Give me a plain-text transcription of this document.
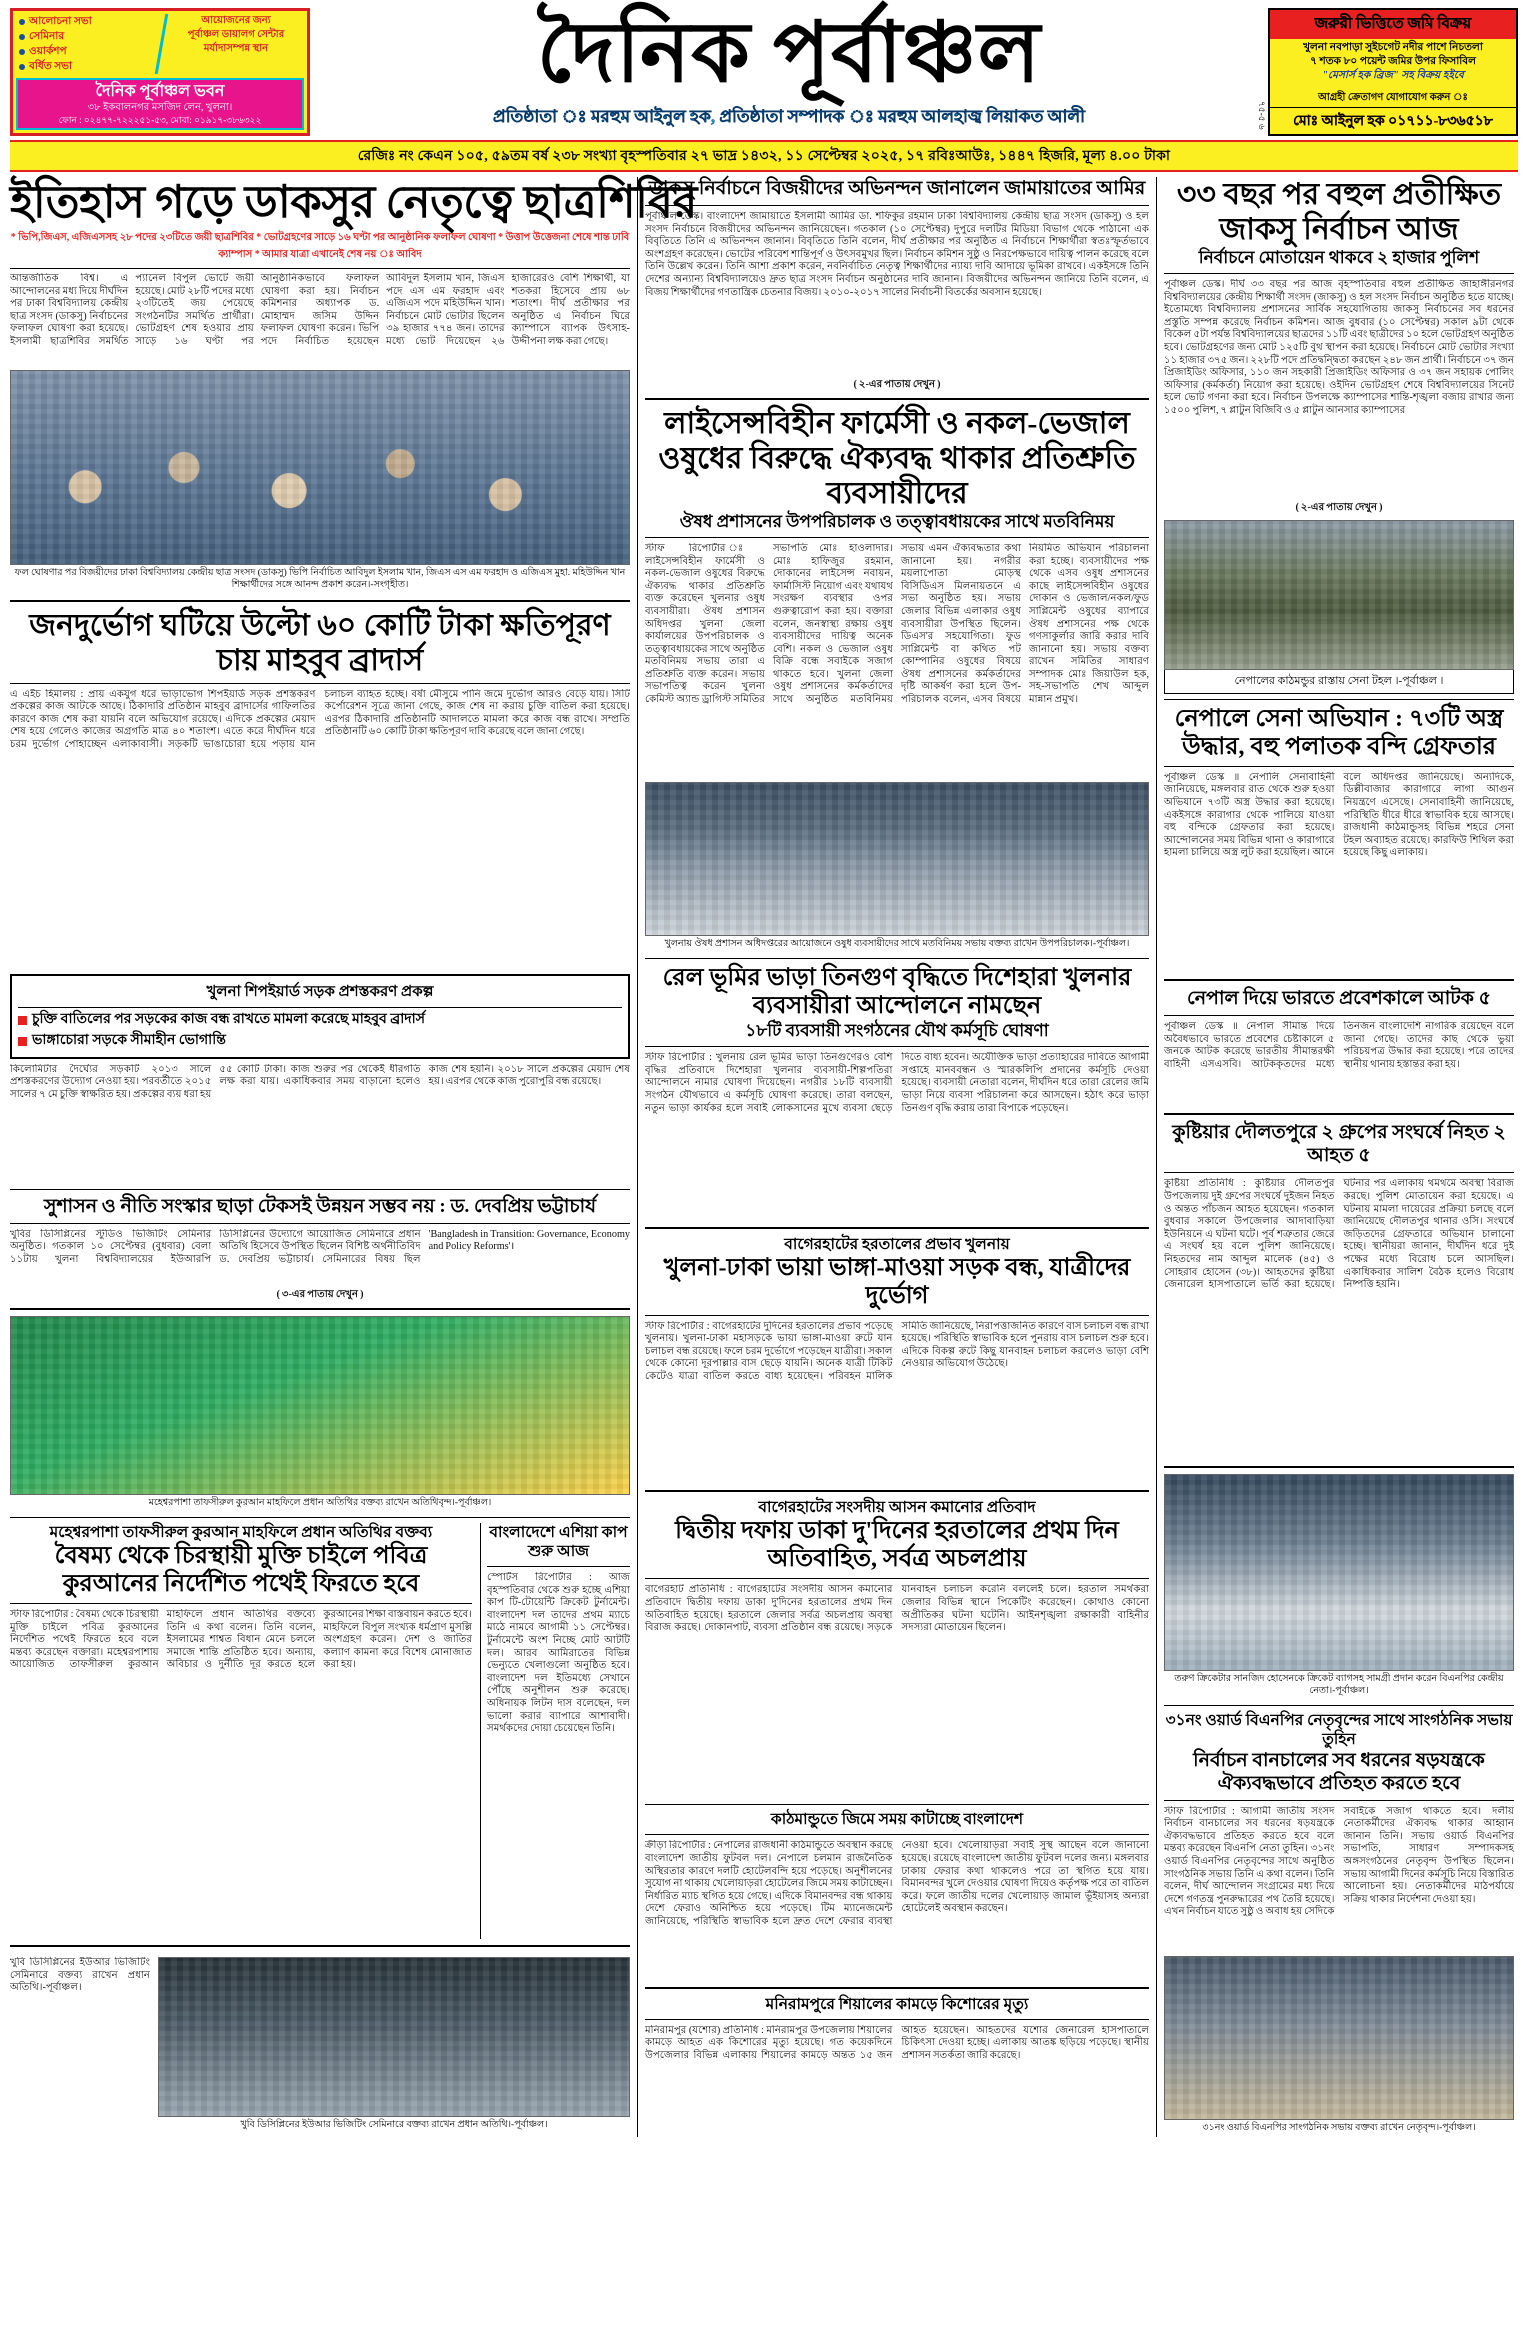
আলোচনা সভা
সেমিনার
ওয়ার্কশপ
বর্ধিত সভা
আয়োজনের জন্য
পূর্বাঞ্চল ডায়ালগ সেন্টার
মর্যাদাসম্পন্ন স্থান
দৈনিক পূর্বাঞ্চল ভবন
৩৮ ইকবালনগর মসজিদ লেন, খুলনা।
ফোন : ০২৪৭৭-৭২২২৫১-৫৩, মোবা: ০১৯১৭-৩৮৬৩২২
দৈনিক পূর্বাঞ্চল
প্রতিষ্ঠাতা ঃ মরহুম আইনুল হক, প্রতিষ্ঠাতা সম্পাদক ঃ মরহুম আলহাজ্ব লিয়াকত আলী	৭৫-৫ ৬
জরুরী ভিত্তিতে জমি বিক্রয়
খুলনা নবপাড়া সুইচগেট নদীর পাশে নিচতলা
৭ শতক ৮০ পয়েন্ট জমির উপর ফিসাবিল
"মেসার্স হক ব্রিজ" সহ বিক্রয় হইবে
আগ্রহী ক্রেতাগণ যোগাযোগ করুন ঃ
মোঃ আইনুল হক ০১৭১১-৮৩৬৫১৮
রেজিঃ নং কেএন ১০৫, ৫৯তম বর্ষ ২৩৮ সংখ্যা বৃহস্পতিবার ২৭ ভাদ্র ১৪৩২, ১১ সেপ্টেম্বর ২০২৫, ১৭ রবিঃআউঃ, ১৪৪৭ হিজরি, মূল্য ৪.০০ টাকা
ইতিহাস গড়ে ডাকসুর নেতৃত্বে ছাত্রশিবির
* ভিপি,জিএস, এজিএসসহ ২৮ পদের ২৩টিতে জয়ী ছাত্রশিবির * ভোটগ্রহণের সাড়ে ১৬ ঘণ্টা পর আনুষ্ঠানিক ফলাফল ঘোষণা * উত্তাপ উত্তেজনা শেষে শান্ত ঢাবি ক্যাম্পাস * আমার যাত্রা এখানেই শেষ নয় ঃ আবিদ
আন্তর্জাতিক বিশ্ব। এ আন্দোলনের মধ্য দিয়ে দীর্ঘদিন পর ঢাকা বিশ্ববিদ্যালয় কেন্দ্রীয় ছাত্র সংসদ (ডাকসু) নির্বাচনের ফলাফল ঘোষণা করা হয়েছে। ইসলামী ছাত্রশিবির সমর্থিত প্যানেল বিপুল ভোটে জয়ী হয়েছে। মোট ২৮টি পদের মধ্যে ২৩টিতেই জয় পেয়েছে সংগঠনটির সমর্থিত প্রার্থীরা। ভোটগ্রহণ শেষ হওয়ার প্রায় সাড়ে ১৬ ঘণ্টা পর আনুষ্ঠানিকভাবে ফলাফল ঘোষণা করা হয়। নির্বাচন কমিশনার অধ্যাপক ড. মোহাম্মদ জসিম উদ্দিন ফলাফল ঘোষণা করেন। ভিপি পদে নির্বাচিত হয়েছেন আবিদুল ইসলাম খান, জিএস পদে এস এম ফরহাদ এবং এজিএস পদে মহিউদ্দিন খান। নির্বাচনে মোট ভোটার ছিলেন ৩৯ হাজার ৭৭৪ জন। তাদের মধ্যে ভোট দিয়েছেন ২৬ হাজারেরও বেশি শিক্ষার্থী, যা শতকরা হিসেবে প্রায় ৬৮ শতাংশ। দীর্ঘ প্রতীক্ষার পর অনুষ্ঠিত এ নির্বাচন ঘিরে ক্যাম্পাসে ব্যাপক উৎসাহ-উদ্দীপনা লক্ষ করা গেছে।
ফল ঘোষণার পর বিজয়ীদের ঢাকা বিশ্ববিদ্যালয় কেন্দ্রীয় ছাত্র সংসদ (ডাকসু) ভিপি নির্বাচিত আবিদুল ইসলাম খান, জিএস এস এম ফরহাদ ও এজিএস মুহা. মহিউদ্দিন খান শিক্ষার্থীদের সঙ্গে আনন্দ প্রকাশ করেন।-সংগৃহীত।
জনদুর্ভোগ ঘটিয়ে উল্টো ৬০ কোটি টাকা ক্ষতিপূরণ চায় মাহবুব ব্রাদার্স
এ এইচ হিমালয় : প্রায় একযুগ ধরে ভাড়াভোগ শিপইয়ার্ড সড়ক প্রশস্তকরণ প্রকল্পের কাজ আটকে আছে। ঠিকাদারি প্রতিষ্ঠান মাহবুব ব্রাদার্সের গাফিলতির কারণে কাজ শেষ করা যায়নি বলে অভিযোগ রয়েছে। এদিকে প্রকল্পের মেয়াদ শেষ হয়ে গেলেও কাজের অগ্রগতি মাত্র ৪০ শতাংশ। এতে করে দীর্ঘদিন ধরে চরম দুর্ভোগ পোহাচ্ছেন এলাকাবাসী। সড়কটি ভাঙাচোরা হয়ে পড়ায় যান চলাচল ব্যাহত হচ্ছে। বর্ষা মৌসুমে পানি জমে দুর্ভোগ আরও বেড়ে যায়। সিটি কর্পোরেশন সূত্রে জানা গেছে, কাজ শেষ না করায় চুক্তি বাতিল করা হয়েছে। এরপর ঠিকাদারি প্রতিষ্ঠানটি আদালতে মামলা করে কাজ বন্ধ রাখে। সম্প্রতি প্রতিষ্ঠানটি ৬০ কোটি টাকা ক্ষতিপূরণ দাবি করেছে বলে জানা গেছে।
খুলনা শিপইয়ার্ড সড়ক প্রশস্তকরণ প্রকল্প
চুক্তি বাতিলের পর সড়কের কাজ বন্ধ রাখতে মামলা করেছে মাহবুব ব্রাদার্স
ভাঙ্গাচোরা সড়কে সীমাহীন ভোগান্তি
কিলোমিটার দৈর্ঘ্যের সড়কটি ২০১৩ সালে প্রশস্তকরণের উদ্যোগ নেওয়া হয়। পরবর্তীতে ২০১৫ সালের ৭ মে চুক্তি স্বাক্ষরিত হয়। প্রকল্পের ব্যয় ধরা হয় ৫৫ কোটি টাকা। কাজ শুরুর পর থেকেই ধীরগতি লক্ষ করা যায়। একাধিকবার সময় বাড়ানো হলেও কাজ শেষ হয়নি। ২০১৮ সালে প্রকল্পের মেয়াদ শেষ হয়। এরপর থেকে কাজ পুরোপুরি বন্ধ রয়েছে।
সুশাসন ও নীতি সংস্কার ছাড়া টেকসই উন্নয়ন সম্ভব নয় : ড. দেবপ্রিয় ভট্টাচার্য
খুবির ডিসিপ্লিনের স্টুডিও ভিজিটিং সেমিনার অনুষ্ঠিত। গতকাল ১০ সেপ্টেম্বর (বুধবার) বেলা ১১টায় খুলনা বিশ্ববিদ্যালয়ের ইউআরপি ডিসিপ্লিনের উদ্যোগে আয়োজিত সেমিনারে প্রধান অতিথি হিসেবে উপস্থিত ছিলেন বিশিষ্ট অর্থনীতিবিদ ড. দেবপ্রিয় ভট্টাচার্য। সেমিনারের বিষয় ছিল 'Bangladesh in Transition: Governance, Economy and Policy Reforms'।
( ৩-এর পাতায় দেখুন )
মহেশ্বরপাশা তাফসীরুল কুরআন মাহফিলে প্রধান অতিথির বক্তব্য রাখেন অতিথিবৃন্দ।-পূর্বাঞ্চল।
মহেশ্বরপাশা তাফসীরুল কুরআন মাহফিলে প্রধান অতিথির বক্তব্য
বৈষম্য থেকে চিরস্থায়ী মুক্তি চাইলে পবিত্র কুরআনের নির্দেশিত পথেই ফিরতে হবে
স্টাফ রিপোর্টার : বৈষম্য থেকে চিরস্থায়ী মুক্তি চাইলে পবিত্র কুরআনের নির্দেশিত পথেই ফিরতে হবে বলে মন্তব্য করেছেন বক্তারা। মহেশ্বরপাশায় আয়োজিত তাফসীরুল কুরআন মাহফিলে প্রধান অতিথির বক্তব্যে তিনি এ কথা বলেন। তিনি বলেন, ইসলামের শাশ্বত বিধান মেনে চললে সমাজে শান্তি প্রতিষ্ঠিত হবে। অন্যায়, অবিচার ও দুর্নীতি দূর করতে হলে কুরআনের শিক্ষা বাস্তবায়ন করতে হবে। মাহফিলে বিপুল সংখ্যক ধর্মপ্রাণ মুসল্লি অংশগ্রহণ করেন। দেশ ও জাতির কল্যাণ কামনা করে বিশেষ মোনাজাত করা হয়।
বাংলাদেশে এশিয়া কাপ শুরু আজ
স্পোর্টস রিপোর্টার : আজ বৃহস্পতিবার থেকে শুরু হচ্ছে এশিয়া কাপ টি-টোয়েন্টি ক্রিকেট টুর্নামেন্ট। বাংলাদেশ দল তাদের প্রথম ম্যাচে মাঠে নামবে আগামী ১১ সেপ্টেম্বর। টুর্নামেন্টে অংশ নিচ্ছে মোট আটটি দল। আরব আমিরাতের বিভিন্ন ভেন্যুতে খেলাগুলো অনুষ্ঠিত হবে। বাংলাদেশ দল ইতিমধ্যে সেখানে পৌঁছে অনুশীলন শুরু করেছে। অধিনায়ক লিটন দাস বলেছেন, দল ভালো করার ব্যাপারে আশাবাদী। সমর্থকদের দোয়া চেয়েছেন তিনি।
খুবি ডিসিপ্লিনের ইউআর ভিজিটিং সেমিনারে বক্তব্য রাখেন প্রধান অতিথি।-পূর্বাঞ্চল।
খুবি ডিসিপ্লিনের ইউআর ভিজিটিং সেমিনারে বক্তব্য রাখেন প্রধান অতিথি।-পূর্বাঞ্চল।
ডাকসু নির্বাচনে বিজয়ীদের অভিনন্দন জানালেন জামায়াতের আমির
পূর্বাঞ্চল ডেস্ক। বাংলাদেশ জামায়াতে ইসলামী আমির ডা. শফিকুর রহমান ঢাকা বিশ্ববিদ্যালয় কেন্দ্রীয় ছাত্র সংসদ (ডাকসু) ও হল সংসদ নির্বাচনে বিজয়ীদের অভিনন্দন জানিয়েছেন। গতকাল (১০ সেপ্টেম্বর) দুপুরে দলটির মিডিয়া বিভাগ থেকে পাঠানো এক বিবৃতিতে তিনি এ অভিনন্দন জানান। বিবৃতিতে তিনি বলেন, দীর্ঘ প্রতীক্ষার পর অনুষ্ঠিত এ নির্বাচনে শিক্ষার্থীরা স্বতঃস্ফূর্তভাবে অংশগ্রহণ করেছেন। ভোটের পরিবেশ শান্তিপূর্ণ ও উৎসবমুখর ছিল। নির্বাচন কমিশন সুষ্ঠু ও নিরপেক্ষভাবে দায়িত্ব পালন করেছে বলে তিনি উল্লেখ করেন। তিনি আশা প্রকাশ করেন, নবনির্বাচিত নেতৃত্ব শিক্ষার্থীদের ন্যায্য দাবি আদায়ে ভূমিকা রাখবে। একইসঙ্গে তিনি দেশের অন্যান্য বিশ্ববিদ্যালয়েও দ্রুত ছাত্র সংসদ নির্বাচন অনুষ্ঠানের দাবি জানান। বিজয়ীদের অভিনন্দন জানিয়ে তিনি বলেন, এ বিজয় শিক্ষার্থীদের গণতান্ত্রিক চেতনার বিজয়। ২০১০-২০১৭ সালের নির্বাচনী বিতর্কের অবসান হয়েছে।
( ২-এর পাতায় দেখুন )
লাইসেন্সবিহীন ফার্মেসী ও নকল-ভেজাল ওষুধের বিরুদ্ধে ঐক্যবদ্ধ থাকার প্রতিশ্রুতি ব্যবসায়ীদের
ঔষধ প্রশাসনের উপপরিচালক ও তত্ত্বাবধায়কের সাথে মতবিনিময়
স্টাফ রিপোর্টার ঃ লাইসেন্সবিহীন ফার্মেসী ও নকল-ভেজাল ওষুধের বিরুদ্ধে ঐক্যবদ্ধ থাকার প্রতিশ্রুতি ব্যক্ত করেছেন খুলনার ওষুধ ব্যবসায়ীরা। ঔষধ প্রশাসন অধিদপ্তর খুলনা জেলা কার্যালয়ের উপপরিচালক ও তত্ত্বাবধায়কের সাথে অনুষ্ঠিত মতবিনিময় সভায় তারা এ প্রতিশ্রুতি ব্যক্ত করেন। সভায় সভাপতিত্ব করেন খুলনা কেমিস্ট অ্যান্ড ড্রাগিস্ট সমিতির সভাপতি মোঃ হাওলাদার। মোঃ হাফিজুর রহমান, দোকানের লাইসেন্স নবায়ন, ফার্মাসিস্ট নিয়োগ এবং যথাযথ সংরক্ষণ ব্যবস্থার ওপর গুরুত্বারোপ করা হয়। বক্তারা বলেন, জনস্বাস্থ্য রক্ষায় ওষুধ ব্যবসায়ীদের দায়িত্ব অনেক বেশি। নকল ও ভেজাল ওষুধ বিক্রি বন্ধে সবাইকে সজাগ থাকতে হবে। খুলনা জেলা ওষুধ প্রশাসনের কর্মকর্তাদের সাথে অনুষ্ঠিত মতবিনিময় সভায় এমন ঐক্যবদ্ধতার কথা জানানো হয়। নগরীর ময়লাপোতা মোড়স্থ বিসিডিএস মিলনায়তনে এ সভা অনুষ্ঠিত হয়। সভায় জেলার বিভিন্ন এলাকার ওষুধ ব্যবসায়ীরা উপস্থিত ছিলেন। ডিএস'র সহযোগিতা। ফুড সাপ্লিমেন্ট বা কথিত পট কোম্পানির ওষুধের বিষয়ে ঔষধ প্রশাসনের কর্মকর্তাদের দৃষ্টি আকর্ষণ করা হলে উপ-পরিচালক বলেন, এসব বিষয়ে নিয়মিত অভিযান পরিচালনা করা হচ্ছে। ব্যবসায়ীদের পক্ষ থেকে এসব ওষুধ প্রশাসনের কাছে লাইসেন্সবিহীন ওষুধের দোকান ও ভেজাল/নকল/ফুড সাপ্লিমেন্ট ওষুধের ব্যাপারে ঔষধ প্রশাসনের পক্ষ থেকে গণসাকুর্লার জারি করার দাবি জানানো হয়। সভায় বক্তব্য রাখেন সমিতির সাধারণ সম্পাদক মোঃ জিয়াউল হক, সহ-সভাপতি শেখ আব্দুল মান্নান প্রমুখ।
খুলনায় ঔষধ প্রশাসন অধিদপ্তরের আয়োজনে ওষুধ ব্যবসায়ীদের সাথে মতবিনিময় সভায় বক্তব্য রাখেন উপপরিচালক।-পূর্বাঞ্চল।
রেল ভূমির ভাড়া তিনগুণ বৃদ্ধিতে দিশেহারা খুলনার ব্যবসায়ীরা আন্দোলনে নামছেন
১৮টি ব্যবসায়ী সংগঠনের যৌথ কর্মসূচি ঘোষণা
স্টাফ রিপোর্টার : খুলনায় রেল ভূমির ভাড়া তিনগুণেরও বেশি বৃদ্ধির প্রতিবাদে দিশেহারা খুলনার ব্যবসায়ী-শিল্পপতিরা আন্দোলনে নামার ঘোষণা দিয়েছেন। নগরীর ১৮টি ব্যবসায়ী সংগঠন যৌথভাবে এ কর্মসূচি ঘোষণা করেছে। তারা বলছেন, নতুন ভাড়া কার্যকর হলে সবাই লোকসানের মুখে ব্যবসা ছেড়ে দিতে বাধ্য হবেন। অযৌক্তিক ভাড়া প্রত্যাহারের দাবিতে আগামী সপ্তাহে মানববন্ধন ও স্মারকলিপি প্রদানের কর্মসূচি দেওয়া হয়েছে। ব্যবসায়ী নেতারা বলেন, দীর্ঘদিন ধরে তারা রেলের জমি ভাড়া নিয়ে ব্যবসা পরিচালনা করে আসছেন। হঠাৎ করে ভাড়া তিনগুণ বৃদ্ধি করায় তারা বিপাকে পড়েছেন।
বাগেরহাটের হরতালের প্রভাব খুলনায়
খুলনা-ঢাকা ভায়া ভাঙ্গা-মাওয়া সড়ক বন্ধ, যাত্রীদের দুর্ভোগ
স্টাফ রিপোর্টার : বাগেরহাটের দুদিনের হরতালের প্রভাব পড়েছে খুলনায়। খুলনা-ঢাকা মহাসড়কে ভায়া ভাঙ্গা-মাওয়া রুটে যান চলাচল বন্ধ রয়েছে। ফলে চরম দুর্ভোগে পড়েছেন যাত্রীরা। সকাল থেকে কোনো দূরপাল্লার বাস ছেড়ে যায়নি। অনেক যাত্রী টিকিট কেটেও যাত্রা বাতিল করতে বাধ্য হয়েছেন। পরিবহন মালিক সমিতি জানিয়েছে, নিরাপত্তাজনিত কারণে বাস চলাচল বন্ধ রাখা হয়েছে। পরিস্থিতি স্বাভাবিক হলে পুনরায় বাস চলাচল শুরু হবে। এদিকে বিকল্প রুটে কিছু যানবাহন চলাচল করলেও ভাড়া বেশি নেওয়ার অভিযোগ উঠেছে।
বাগেরহাটের সংসদীয় আসন কমানোর প্রতিবাদ
দ্বিতীয় দফায় ডাকা দু'দিনের হরতালের প্রথম দিন অতিবাহিত, সর্বত্র অচলপ্রায়
বাগেরহাট প্রতিনিধি : বাগেরহাটের সংসদীয় আসন কমানোর প্রতিবাদে দ্বিতীয় দফায় ডাকা দু'দিনের হরতালের প্রথম দিন অতিবাহিত হয়েছে। হরতালে জেলার সর্বত্র অচলপ্রায় অবস্থা বিরাজ করছে। দোকানপাট, ব্যবসা প্রতিষ্ঠান বন্ধ রয়েছে। সড়কে যানবাহন চলাচল করেনি বললেই চলে। হরতাল সমর্থকরা জেলার বিভিন্ন স্থানে পিকেটিং করেছেন। কোথাও কোনো অপ্রীতিকর ঘটনা ঘটেনি। আইনশৃঙ্খলা রক্ষাকারী বাহিনীর সদস্যরা মোতায়েন ছিলেন।
কাঠমান্ডুতে জিমে সময় কাটাচ্ছে বাংলাদেশ
ক্রীড়া রিপোর্টার : নেপালের রাজধানী কাঠমান্ডুতে অবস্থান করছে বাংলাদেশ জাতীয় ফুটবল দল। নেপালে চলমান রাজনৈতিক অস্থিরতার কারণে দলটি হোটেলবন্দি হয়ে পড়েছে। অনুশীলনের সুযোগ না থাকায় খেলোয়াড়রা হোটেলের জিমে সময় কাটাচ্ছেন। নির্ধারিত ম্যাচ স্থগিত হয়ে গেছে। এদিকে বিমানবন্দর বন্ধ থাকায় দেশে ফেরাও অনিশ্চিত হয়ে পড়েছে। টিম ম্যানেজমেন্ট জানিয়েছে, পরিস্থিতি স্বাভাবিক হলে দ্রুত দেশে ফেরার ব্যবস্থা নেওয়া হবে। খেলোয়াড়রা সবাই সুস্থ আছেন বলে জানানো হয়েছে। রয়েছে বাংলাদেশ জাতীয় ফুটবল দলের জন্য। মঙ্গলবার ঢাকায় ফেরার কথা থাকলেও পরে তা স্থগিত হয়ে যায়। বিমানবন্দর খুলে দেওয়ার ঘোষণা দিয়েও কর্তৃপক্ষ পরে তা বাতিল করে। ফলে জাতীয় দলের খেলোয়াড় জামাল ভূঁইয়াসহ অন্যরা হোটেলেই অবস্থান করছেন।
মনিরামপুরে শিয়ালের কামড়ে কিশোরের মৃত্যু
মনিরামপুর (যশোর) প্রতিনিধি : মনিরামপুর উপজেলায় শিয়ালের কামড়ে আহত এক কিশোরের মৃত্যু হয়েছে। গত কয়েকদিনে উপজেলার বিভিন্ন এলাকায় শিয়ালের কামড়ে অন্তত ১৫ জন আহত হয়েছেন। আহতদের যশোর জেনারেল হাসপাতালে চিকিৎসা দেওয়া হচ্ছে। এলাকায় আতঙ্ক ছড়িয়ে পড়েছে। স্থানীয় প্রশাসন সতর্কতা জারি করেছে।
৩৩ বছর পর বহুল প্রতীক্ষিত জাকসু নির্বাচন আজ
নির্বাচনে মোতায়েন থাকবে ২ হাজার পুলিশ
পূর্বাঞ্চল ডেস্ক। দীর্ঘ ৩৩ বছর পর আজ বৃহস্পতিবার বহুল প্রতীক্ষিত জাহাঙ্গীরনগর বিশ্ববিদ্যালয়ের কেন্দ্রীয় শিক্ষার্থী সংসদ (জাকসু) ও হল সংসদ নির্বাচন অনুষ্ঠিত হতে যাচ্ছে। ইতোমধ্যে বিশ্ববিদ্যালয় প্রশাসনের সার্বিক সহযোগিতায় জাকসু নির্বাচনের সব ধরনের প্রস্তুতি সম্পন্ন করেছে নির্বাচন কমিশন। আজ বুধবার (১০ সেপ্টেম্বর) সকাল ৯টা থেকে বিকেল ৫টা পর্যন্ত বিশ্ববিদ্যালয়ের ছাত্রদের ১১টি এবং ছাত্রীদের ১০ হলে ভোটগ্রহণ অনুষ্ঠিত হবে। ভোটগ্রহণের জন্য মোট ১২৫টি বুথ স্থাপন করা হয়েছে। নির্বাচনে মোট ভোটার সংখ্যা ১১ হাজার ৩৭৫ জন। ২২৮টি পদে প্রতিদ্বন্দ্বিতা করছেন ২৪৮ জন প্রার্থী। নির্বাচনে ৩৭ জন প্রিজাইডিং অফিসার, ১১০ জন সহকারী প্রিজাইডিং অফিসার ও ৩৭ জন সহায়ক পোলিং অফিসার (কর্মকর্তা) নিয়োগ করা হয়েছে। ওইদিন ভোটগ্রহণ শেষে বিশ্ববিদ্যালয়ের সিনেট হলে ভোট গণনা করা হবে। নির্বাচন উপলক্ষে ক্যাম্পাসের শান্তি-শৃঙ্খলা বজায় রাখার জন্য ১৫০০ পুলিশ, ৭ প্লাটুন বিজিবি ও ৫ প্লাটুন আনসার ক্যাম্পাসের
( ২-এর পাতায় দেখুন )
নেপালের কাঠমন্ডুর রাস্তায় সেনা টহল ।-পূর্বাঞ্চল ।
নেপালে সেনা অভিযান : ৭৩টি অস্ত্র উদ্ধার, বহু পলাতক বন্দি গ্রেফতার
পূর্বাঞ্চল ডেস্ক ॥ নেপালি সেনাবাহিনী জানিয়েছে, মঙ্গলবার রাত থেকে শুরু হওয়া অভিযানে ৭৩টি অস্ত্র উদ্ধার করা হয়েছে। একইসঙ্গে কারাগার থেকে পালিয়ে যাওয়া বহু বন্দিকে গ্রেফতার করা হয়েছে। আন্দোলনের সময় বিভিন্ন থানা ও কারাগারে হামলা চালিয়ে অস্ত্র লুট করা হয়েছিল। আনে বলে অধিদপ্তর জানিয়েছে। অন্যদিকে, ডিল্লীবাজার কারাগারে লাগা আগুন নিয়ন্ত্রণে এসেছে। সেনাবাহিনী জানিয়েছে, পরিস্থিতি ধীরে ধীরে স্বাভাবিক হয়ে আসছে। রাজধানী কাঠমান্ডুসহ বিভিন্ন শহরে সেনা টহল অব্যাহত রয়েছে। কারফিউ শিথিল করা হয়েছে কিছু এলাকায়।
নেপাল দিয়ে ভারতে প্রবেশকালে আটক ৫
পূর্বাঞ্চল ডেস্ক ॥ নেপাল সীমান্ত দিয়ে অবৈধভাবে ভারতে প্রবেশের চেষ্টাকালে ৫ জনকে আটক করেছে ভারতীয় সীমান্তরক্ষী বাহিনী এসএসবি। আটককৃতদের মধ্যে তিনজন বাংলাদেশি নাগরিক রয়েছেন বলে জানা গেছে। তাদের কাছ থেকে ভুয়া পরিচয়পত্র উদ্ধার করা হয়েছে। পরে তাদের স্থানীয় থানায় হস্তান্তর করা হয়।
কুষ্টিয়ার দৌলতপুরে ২ গ্রুপের সংঘর্ষে নিহত ২ আহত ৫
কুষ্টিয়া প্রতিনিধি : কুষ্টিয়ার দৌলতপুর উপজেলায় দুই গ্রুপের সংঘর্ষে দুইজন নিহত ও অন্তত পাঁচজন আহত হয়েছেন। গতকাল বুধবার সকালে উপজেলার আদাবাড়িয়া ইউনিয়নে এ ঘটনা ঘটে। পূর্ব শত্রুতার জেরে এ সংঘর্ষ হয় বলে পুলিশ জানিয়েছে। নিহতদের নাম আব্দুল মালেক (৪৫) ও সোহরাব হোসেন (৩৮)। আহতদের কুষ্টিয়া জেনারেল হাসপাতালে ভর্তি করা হয়েছে। ঘটনার পর এলাকায় থমথমে অবস্থা বিরাজ করছে। পুলিশ মোতায়েন করা হয়েছে। এ ঘটনায় মামলা দায়েরের প্রক্রিয়া চলছে বলে জানিয়েছে দৌলতপুর থানার ওসি। সংঘর্ষে জড়িতদের গ্রেফতারে অভিযান চালানো হচ্ছে। স্থানীয়রা জানান, দীর্ঘদিন ধরে দুই পক্ষের মধ্যে বিরোধ চলে আসছিল। একাধিকবার সালিশ বৈঠক হলেও বিরোধ নিষ্পত্তি হয়নি।
তরুণ ক্রিকেটার সানজিদ হোসেনকে ক্রিকেট ব্যাগসহ সামগ্রী প্রদান করেন বিএনপির কেন্দ্রীয় নেতা।-পূর্বাঞ্চল।
৩১নং ওয়ার্ড বিএনপির নেতৃবৃন্দের সাথে সাংগঠনিক সভায় তুহিন
নির্বাচন বানচালের সব ধরনের ষড়যন্ত্রকে ঐক্যবদ্ধভাবে প্রতিহত করতে হবে
স্টাফ রিপোর্টার : আগামী জাতীয় সংসদ নির্বাচন বানচালের সব ধরনের ষড়যন্ত্রকে ঐক্যবদ্ধভাবে প্রতিহত করতে হবে বলে মন্তব্য করেছেন বিএনপি নেতা তুহিন। ৩১নং ওয়ার্ড বিএনপির নেতৃবৃন্দের সাথে অনুষ্ঠিত সাংগঠনিক সভায় তিনি এ কথা বলেন। তিনি বলেন, দীর্ঘ আন্দোলন সংগ্রামের মধ্য দিয়ে দেশে গণতন্ত্র পুনরুদ্ধারের পথ তৈরি হয়েছে। এখন নির্বাচন যাতে সুষ্ঠু ও অবাধ হয় সেদিকে সবাইকে সজাগ থাকতে হবে। দলীয় নেতাকর্মীদের ঐক্যবদ্ধ থাকার আহ্বান জানান তিনি। সভায় ওয়ার্ড বিএনপির সভাপতি, সাধারণ সম্পাদকসহ অঙ্গসংগঠনের নেতৃবৃন্দ উপস্থিত ছিলেন। সভায় আগামী দিনের কর্মসূচি নিয়ে বিস্তারিত আলোচনা হয়। নেতাকর্মীদের মাঠপর্যায়ে সক্রিয় থাকার নির্দেশনা দেওয়া হয়।
৩১নং ওয়ার্ড বিএনপির সাংগঠনিক সভায় বক্তব্য রাখেন নেতৃবৃন্দ।-পূর্বাঞ্চল।
